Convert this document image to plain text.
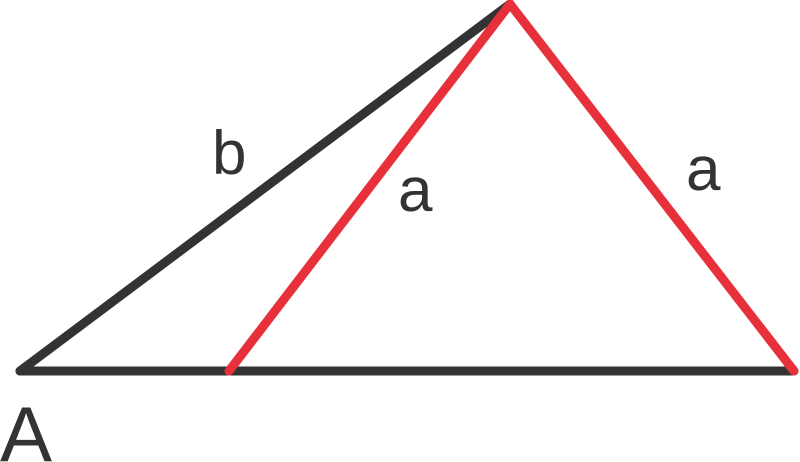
b
a	a
A
